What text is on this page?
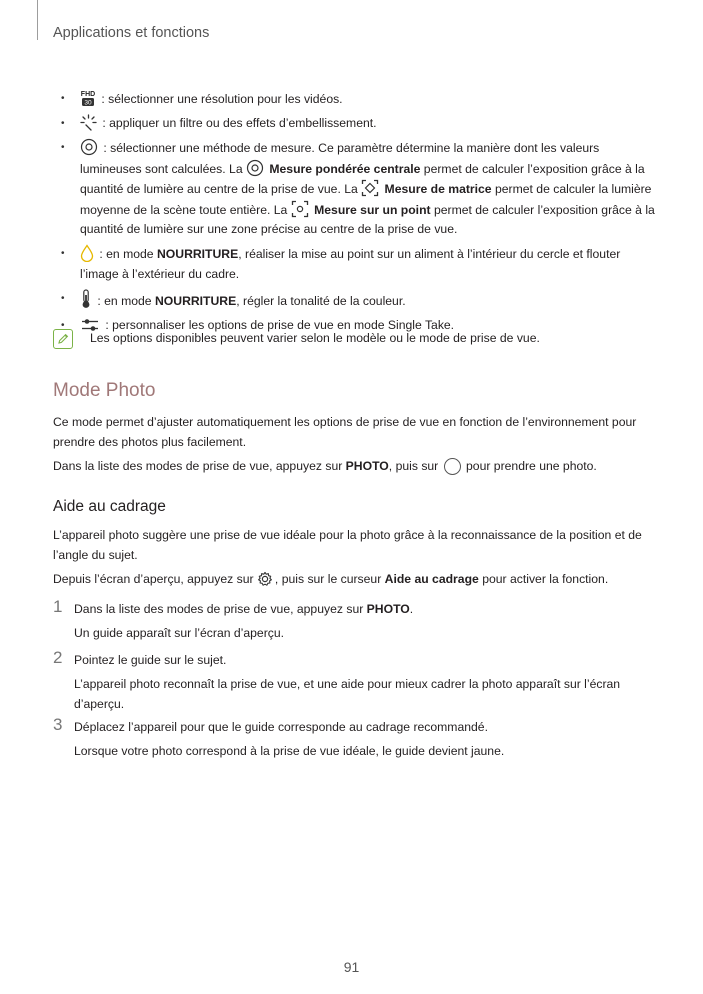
Applications et fonctions
• FHD
30 : sélectionner une résolution pour les vidéos.
• : appliquer un filtre ou des effets d’embellissement.
• : sélectionner une méthode de mesure. Ce paramètre détermine la manière dont les valeurs lumineuses sont calculées. La
Mesure pondérée centrale permet de calculer l’exposition grâce à la quantité de lumière au centre de la prise de vue. La
Mesure de matrice permet de calculer la lumière moyenne de la scène toute entière. La
Mesure sur un point permet de calculer l’exposition grâce à la quantité de lumière sur une zone précise au centre de la prise de vue.
• : en mode NOURRITURE, réaliser la mise au point sur un aliment à l’intérieur du cercle et flouter l’image à l’extérieur du cadre.
• : en mode NOURRITURE, régler la tonalité de la couleur.
• : personnaliser les options de prise de vue en mode Single Take.
Les options disponibles peuvent varier selon le modèle ou le mode de prise de vue.
Mode Photo

Ce mode permet d’ajuster automatiquement les options de prise de vue en fonction de l’environnement pour prendre des photos plus facilement.

Dans la liste des modes de prise de vue, appuyez sur PHOTO, puis sur  pour prendre une photo.

Aide au cadrage

L’appareil photo suggère une prise de vue idéale pour la photo grâce à la reconnaissance de la position et de l’angle du sujet.

Depuis l’écran d’aperçu, appuyez sur
, puis sur le curseur Aide au cadrage pour activer la fonction.

1 Dans la liste des modes de prise de vue, appuyez sur PHOTO.

Un guide apparaît sur l’écran d’aperçu.

2 Pointez le guide sur le sujet.

L’appareil photo reconnaît la prise de vue, et une aide pour mieux cadrer la photo apparaît sur l’écran d’aperçu.

3 Déplacez l’appareil pour que le guide corresponde au cadrage recommandé.

Lorsque votre photo correspond à la prise de vue idéale, le guide devient jaune.

91
